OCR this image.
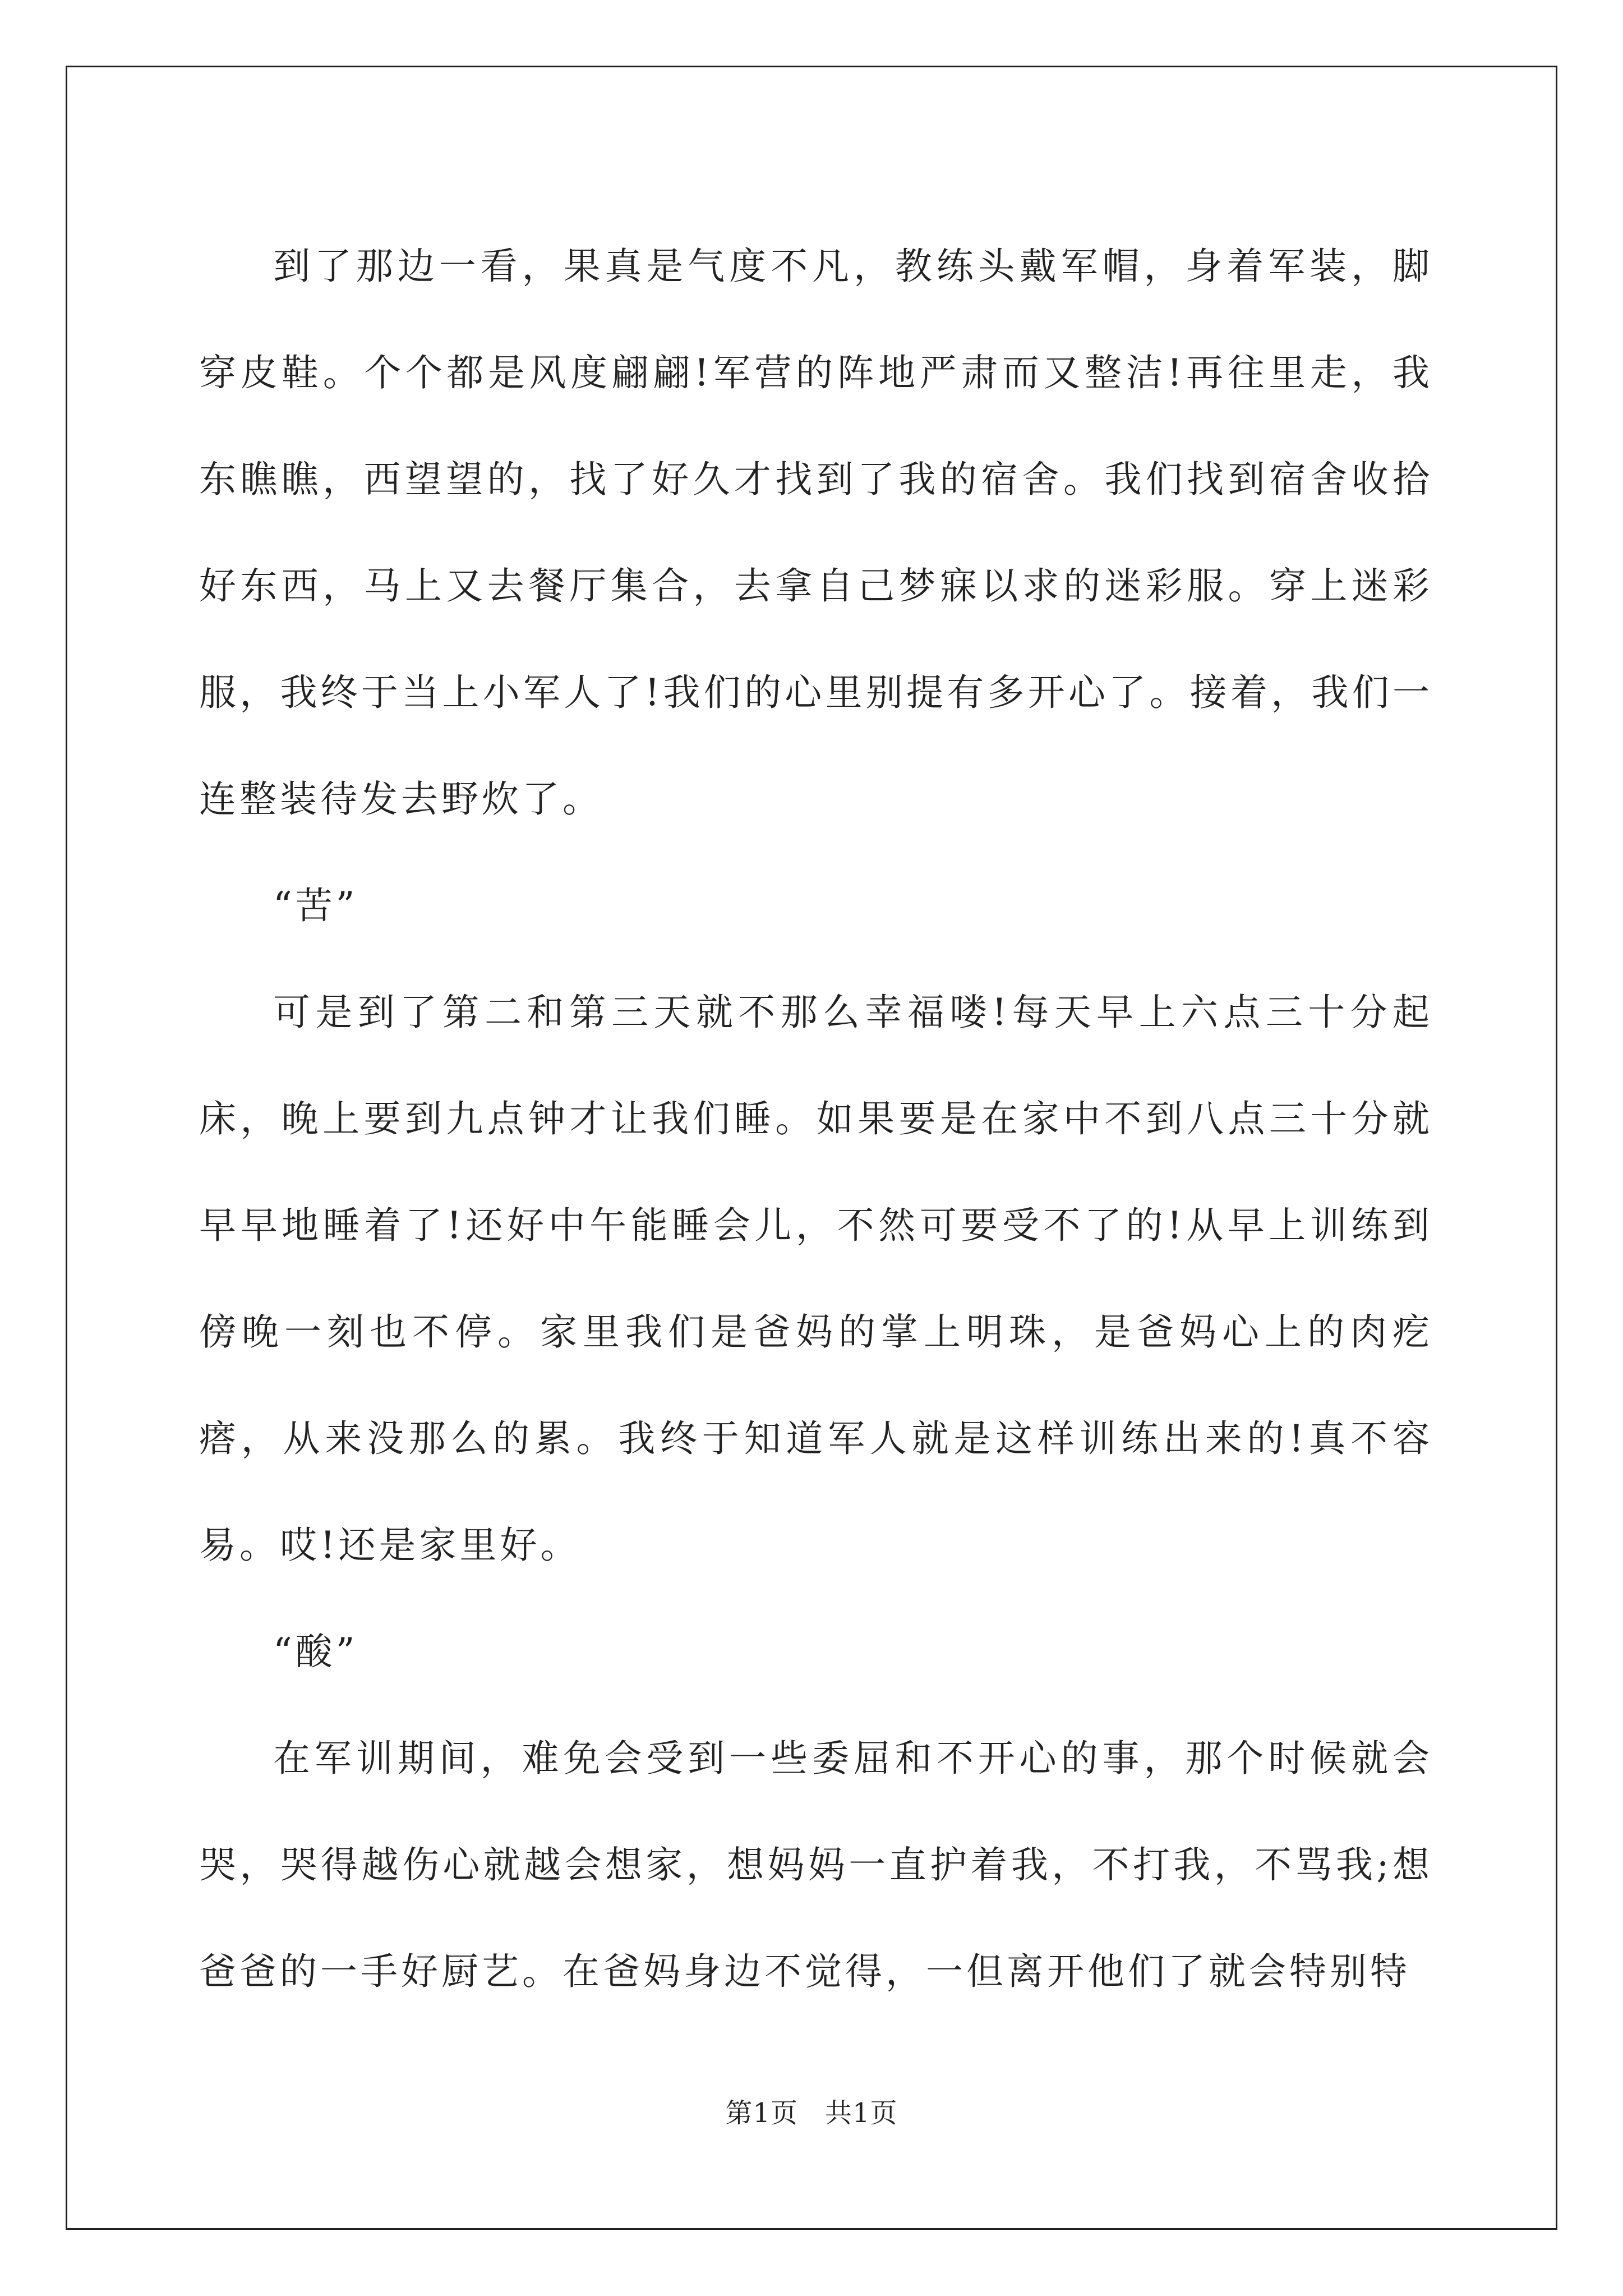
到了那边一看，果真是气度不凡，教练头戴军帽，身着军装，脚穿皮鞋。个个都是风度翩翩!军营的阵地严肃而又整洁!再往里走，我东瞧瞧，西望望的，找了好久才找到了我的宿舍。我们找到宿舍收拾好东西，马上又去餐厅集合，去拿自己梦寐以求的迷彩服。穿上迷彩服，我终于当上小军人了!我们的心里别提有多开心了。接着，我们一连整装待发去野炊了。

“苦”

可是到了第二和第三天就不那么幸福喽!每天早上六点三十分起床，晚上要到九点钟才让我们睡。如果要是在家中不到八点三十分就早早地睡着了!还好中午能睡会儿，不然可要受不了的!从早上训练到傍晚一刻也不停。家里我们是爸妈的掌上明珠，是爸妈心上的肉疙瘩，从来没那么的累。我终于知道军人就是这样训练出来的!真不容易。哎!还是家里好。

“酸”

在军训期间，难免会受到一些委屈和不开心的事，那个时候就会哭，哭得越伤心就越会想家，想妈妈一直护着我，不打我，不骂我;想爸爸的一手好厨艺。在爸妈身边不觉得，一但离开他们了就会特别特

第1页 共1页
